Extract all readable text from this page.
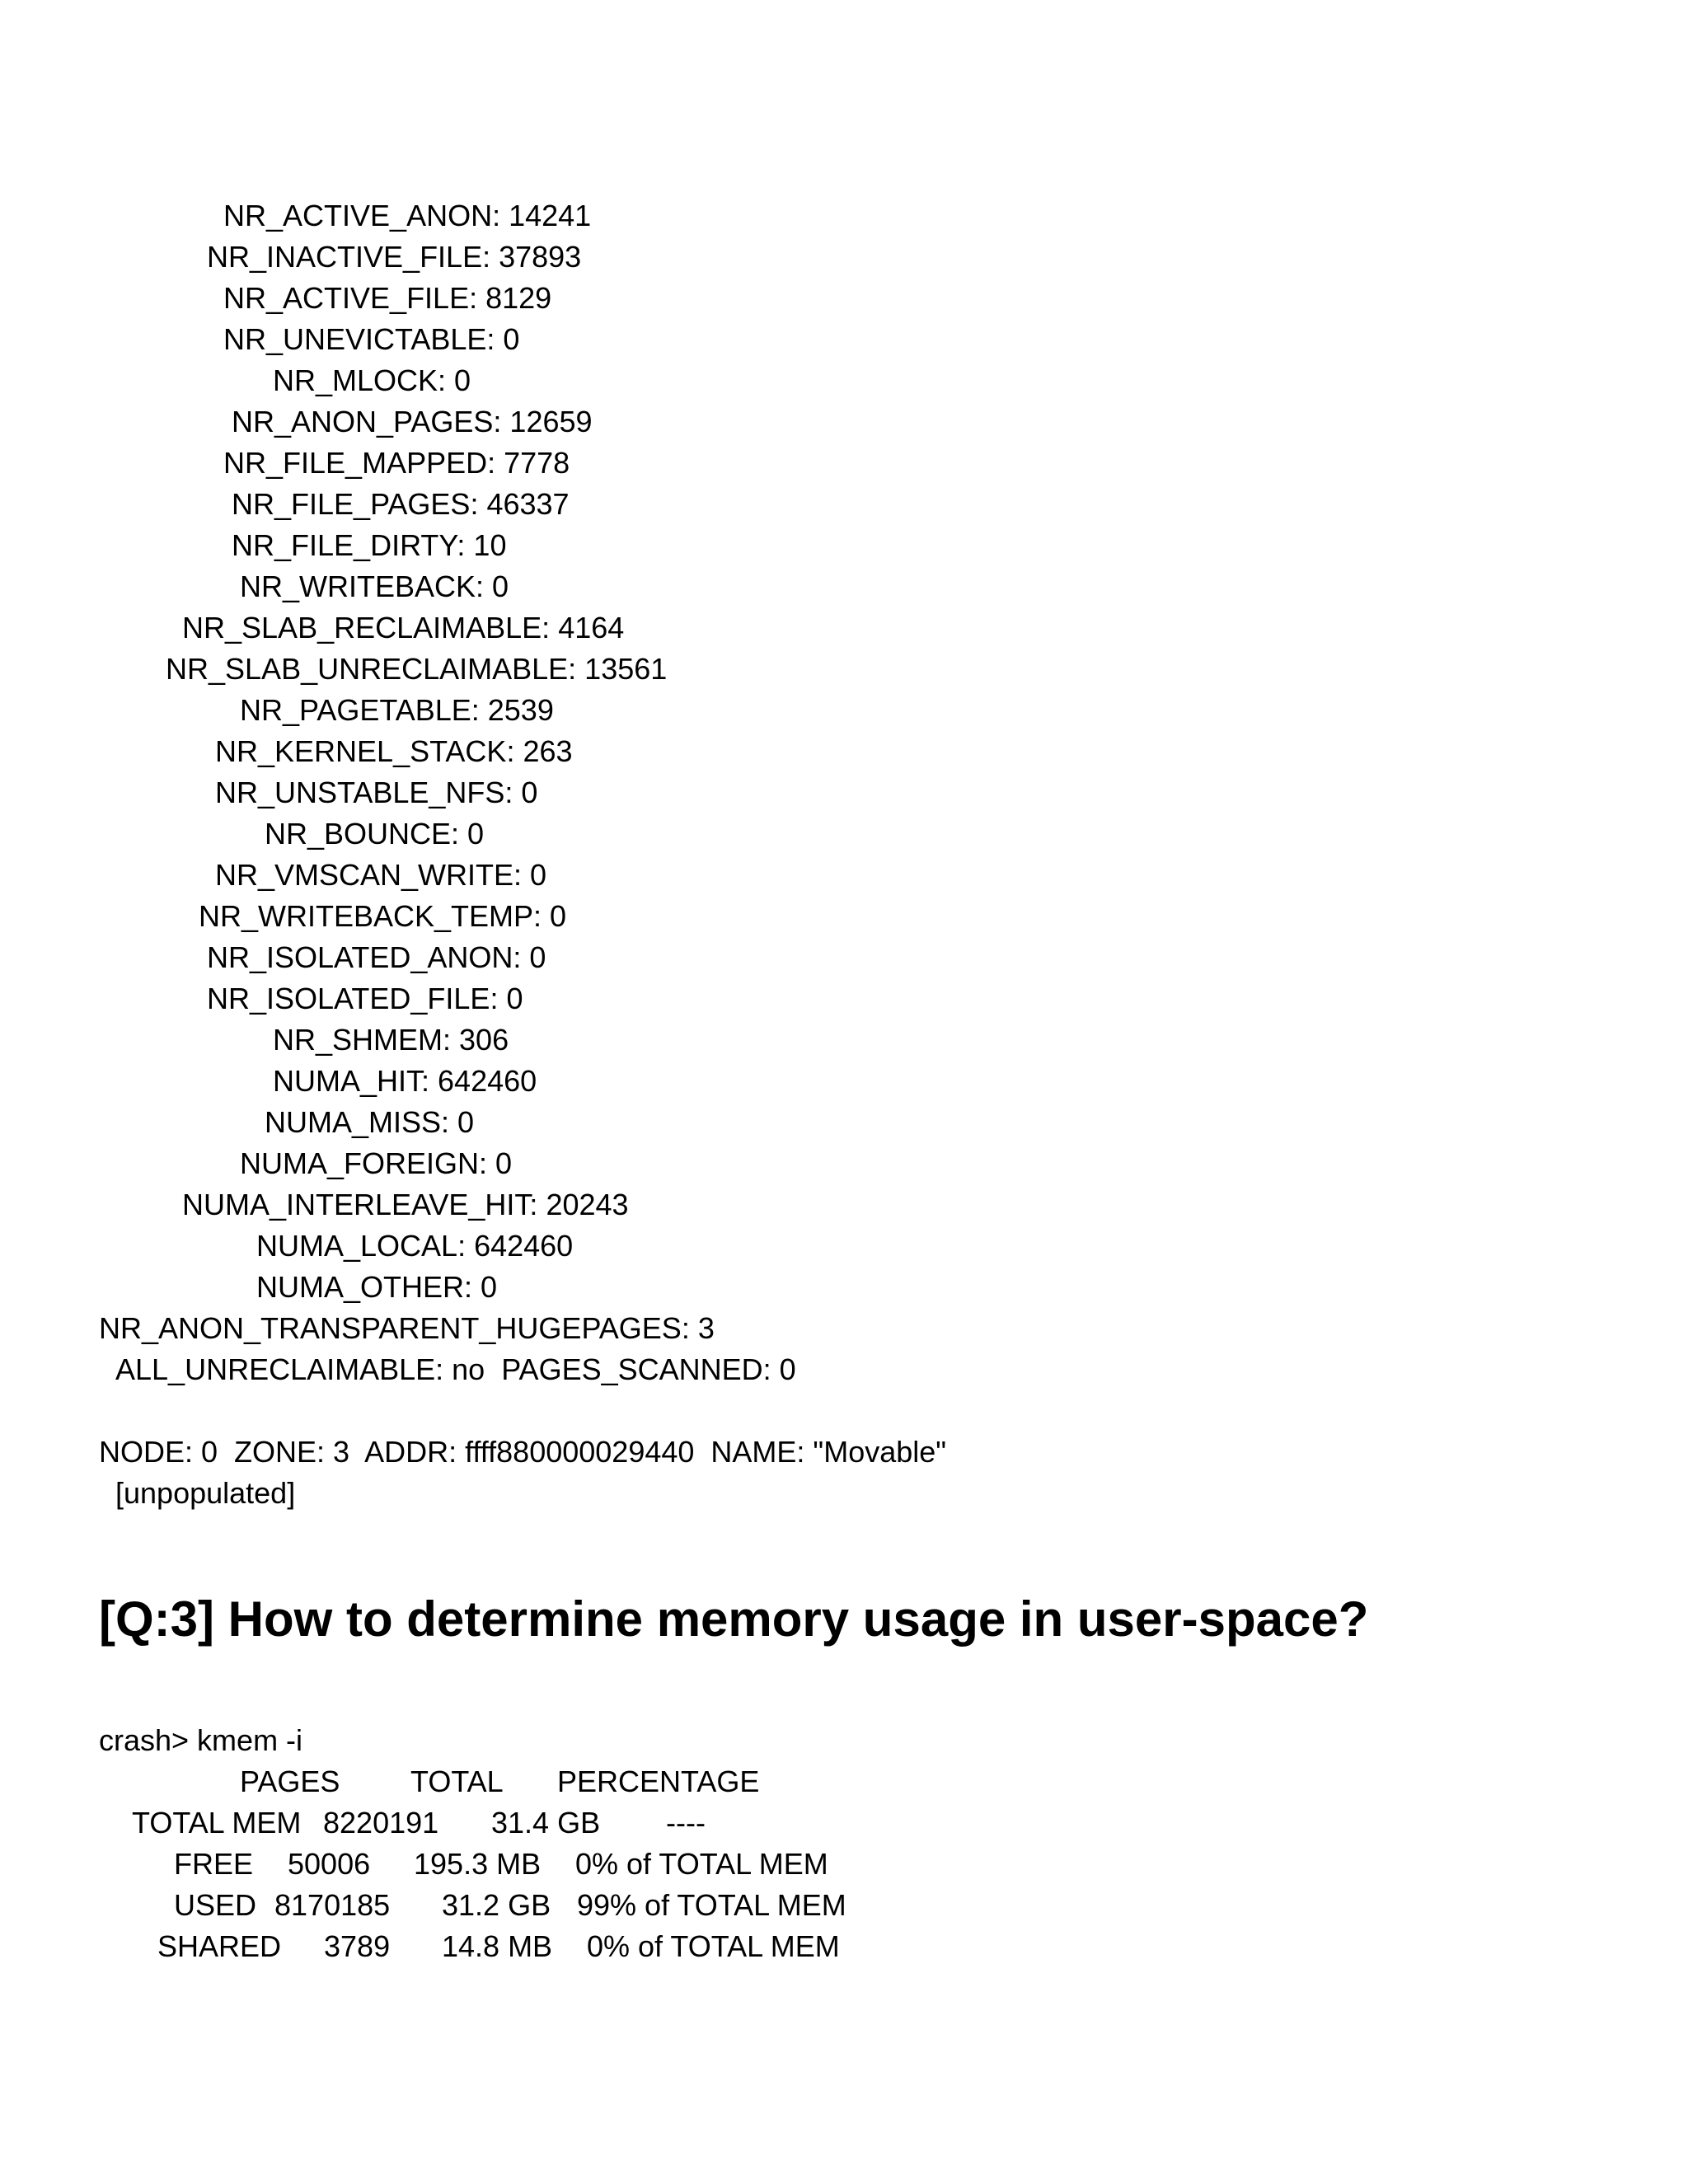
NR_ACTIVE_ANON: 14241

NR_INACTIVE_FILE: 37893

NR_ACTIVE_FILE: 8129

NR_UNEVICTABLE: 0

NR_MLOCK: 0

NR_ANON_PAGES: 12659

NR_FILE_MAPPED: 7778

NR_FILE_PAGES: 46337

NR_FILE_DIRTY: 10

NR_WRITEBACK: 0

NR_SLAB_RECLAIMABLE: 4164

NR_SLAB_UNRECLAIMABLE: 13561

NR_PAGETABLE: 2539

NR_KERNEL_STACK: 263

NR_UNSTABLE_NFS: 0

NR_BOUNCE: 0

NR_VMSCAN_WRITE: 0

NR_WRITEBACK_TEMP: 0

NR_ISOLATED_ANON: 0

NR_ISOLATED_FILE: 0

NR_SHMEM: 306

NUMA_HIT: 642460

NUMA_MISS: 0

NUMA_FOREIGN: 0

NUMA_INTERLEAVE_HIT: 20243

NUMA_LOCAL: 642460

NUMA_OTHER: 0

NR_ANON_TRANSPARENT_HUGEPAGES: 3

ALL_UNRECLAIMABLE: no  PAGES_SCANNED: 0

NODE: 0  ZONE: 3  ADDR: ffff880000029440  NAME: "Movable"

[unpopulated]

[Q:3] How to determine memory usage in user-space?

crash> kmem -i

PAGES TOTAL PERCENTAGE

TOTAL MEM 8220191 31.4 GB ----

FREE 50006 195.3 MB 0% of TOTAL MEM

USED 8170185 31.2 GB 99% of TOTAL MEM

SHARED 3789 14.8 MB 0% of TOTAL MEM
